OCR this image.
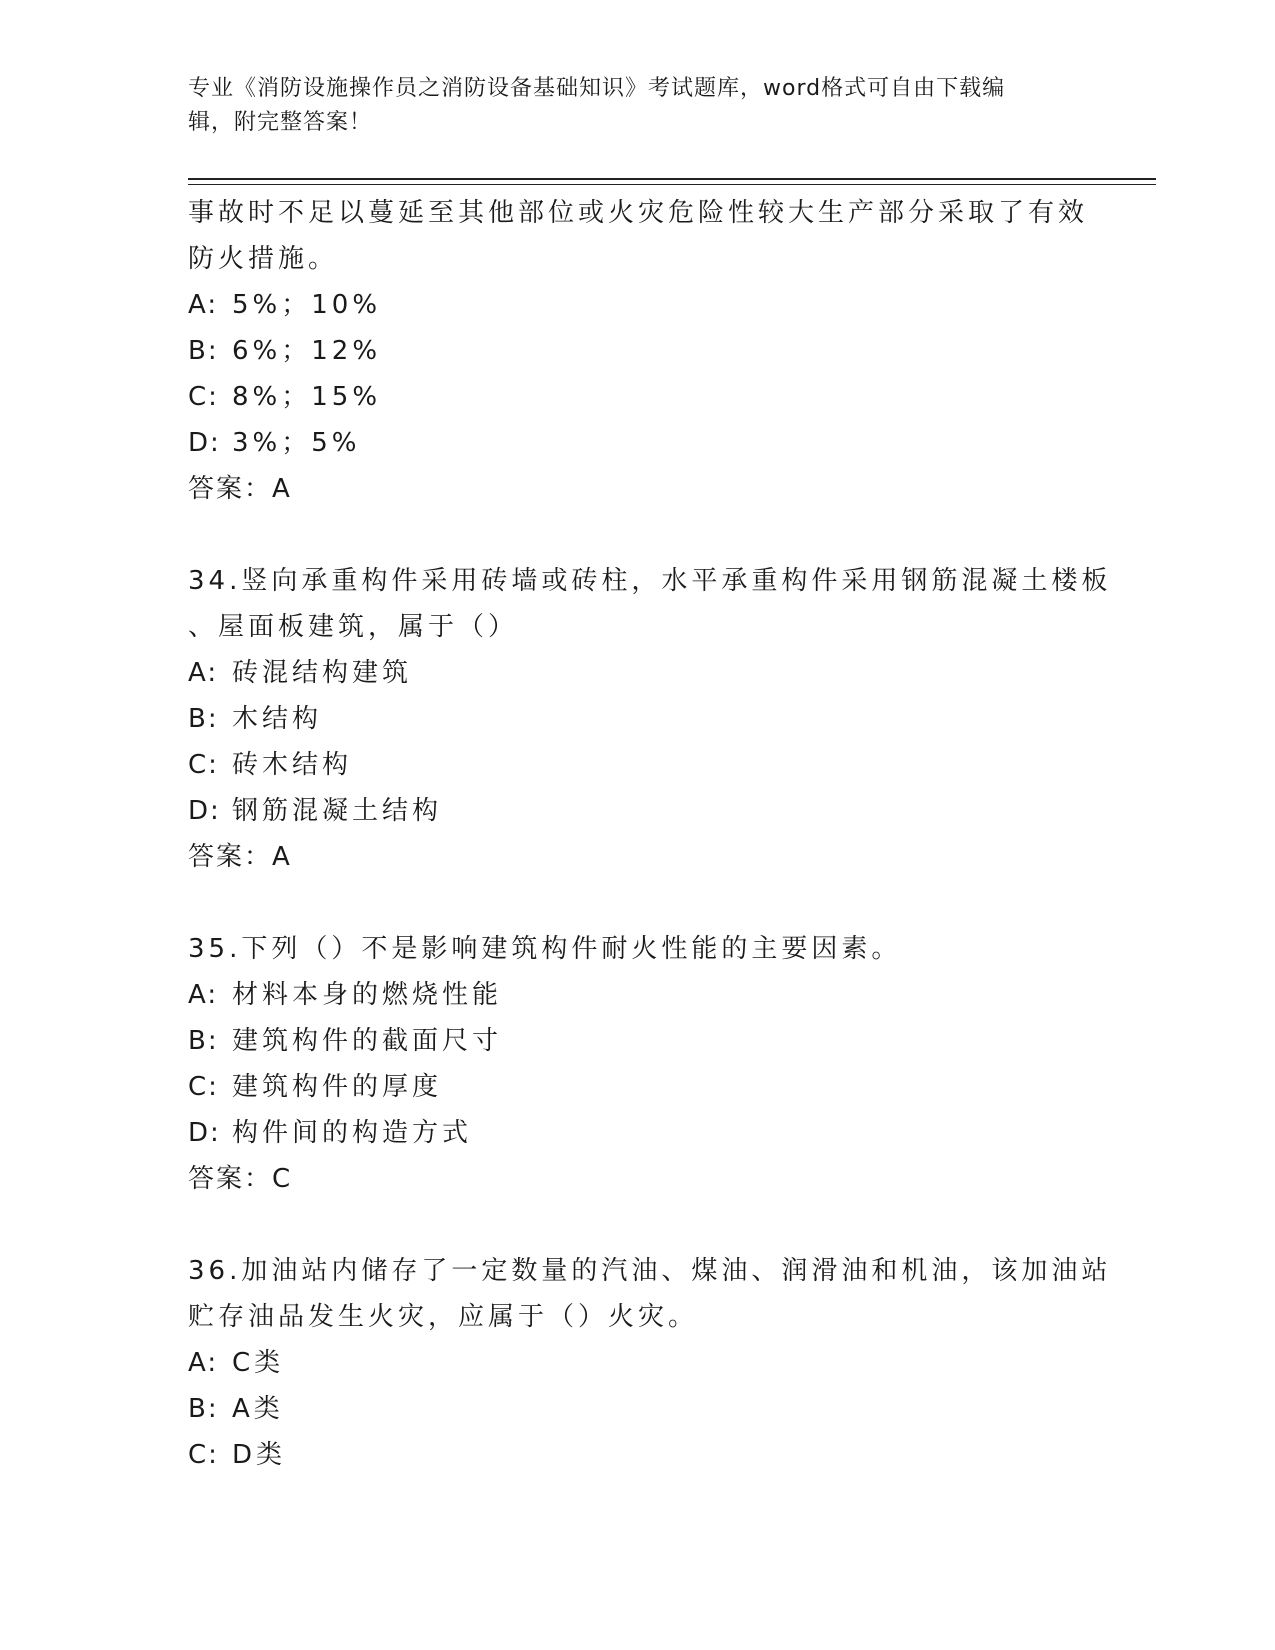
专业《消防设施操作员之消防设备基础知识》考试题库，word格式可自由下载编
辑，附完整答案！
事故时不足以蔓延至其他部位或火灾危险性较大生产部分采取了有效
防火措施。
A: 5%；10%
B: 6%；12%
C: 8%；15%
D: 3%；5%
答案：A
34.竖向承重构件采用砖墙或砖柱，水平承重构件采用钢筋混凝土楼板
、屋面板建筑，属于（）
A: 砖混结构建筑
B: 木结构
C: 砖木结构
D: 钢筋混凝土结构
答案：A
35.下列（）不是影响建筑构件耐火性能的主要因素。
A: 材料本身的燃烧性能
B: 建筑构件的截面尺寸
C: 建筑构件的厚度
D: 构件间的构造方式
答案：C
36.加油站内储存了一定数量的汽油、煤油、润滑油和机油，该加油站
贮存油品发生火灾，应属于（）火灾。
A: C类
B: A类
C: D类
